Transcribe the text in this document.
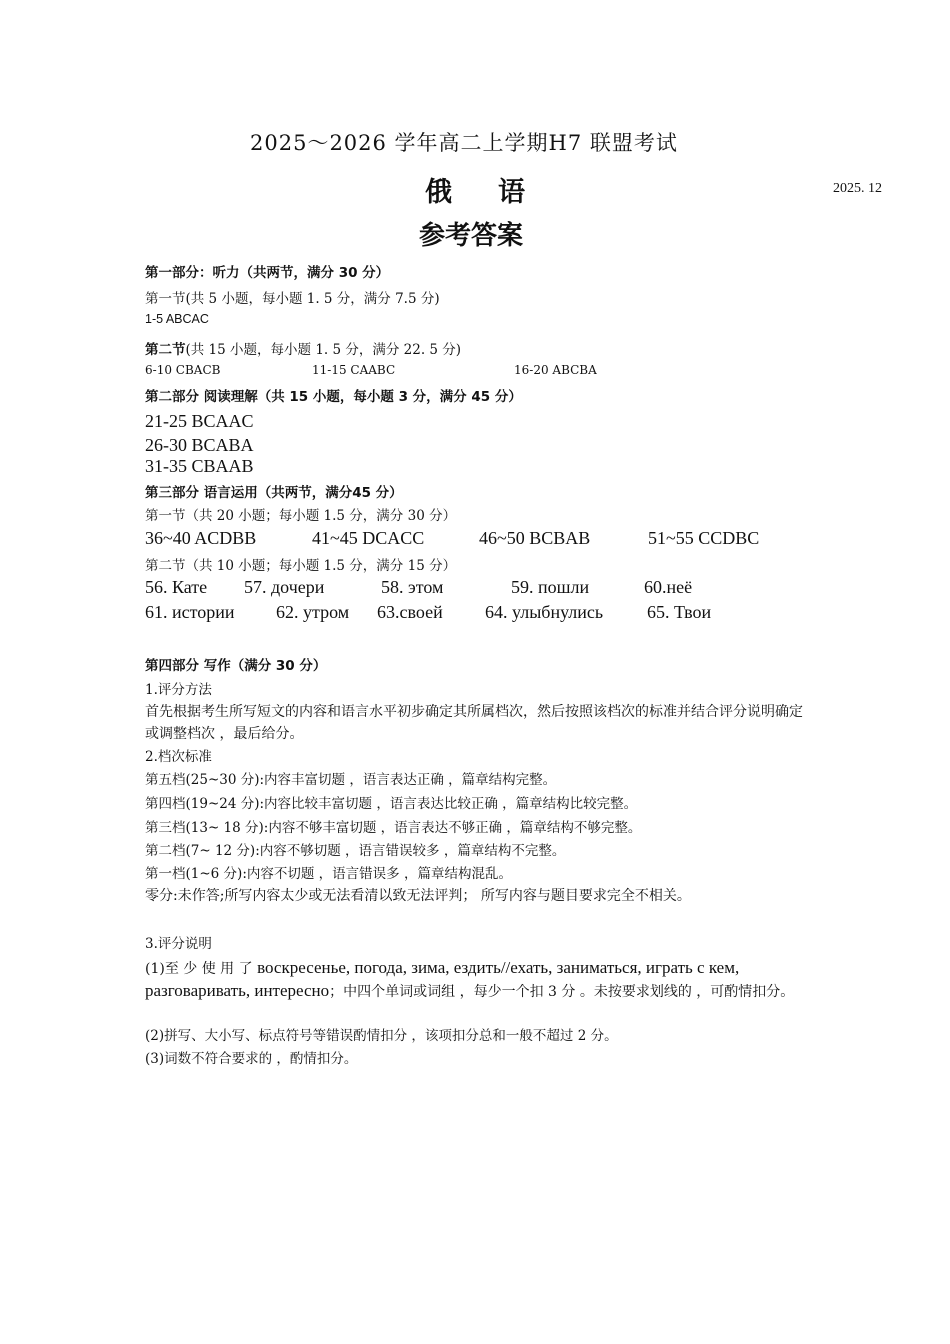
2025～2026 学年高二上学期H7 联盟考试
俄 语	2025. 12
参考答案
第一部分：听力（共两节，满分 30 分）
第一节(共 5 小题，每小题 1. 5 分，满分 7.5 分)
1-5 ABCAC
第二节(共 15 小题，每小题 1. 5 分，满分 22. 5 分)
6-10 CBACB	11-15 CAABC	16-20 ABCBA
第二部分 阅读理解（共 15 小题，每小题 3 分，满分 45 分）
21-25 BCAAC
26-30 BCABA
31-35 CBAAB
第三部分 语言运用（共两节，满分45 分）
第一节（共 20 小题；每小题 1.5 分，满分 30 分）
36~40 ACDBB	41~45 DCACC	46~50 BCBAB	51~55 CCDBC
第二节（共 10 小题；每小题 1.5 分，满分 15 分）
56. Кате 57. дочери	58. этом	59. пошли	60.неё
61. истории 62. утром 63.своей 64. улыбнулись 65. Твои
第四部分 写作（满分 30 分）
1.评分方法
首先根据考生所写短文的内容和语言水平初步确定其所属档次，然后按照该档次的标准并结合评分说明确定或调整档次 ，最后给分。
2.档次标准
第五档(25~30 分):内容丰富切题 ，语言表达正确 ，篇章结构完整。
第四档(19~24 分):内容比较丰富切题 ，语言表达比较正确 ，篇章结构比较完整。
第三档(13~ 18 分):内容不够丰富切题 ，语言表达不够正确 ，篇章结构不够完整。
第二档(7~ 12 分):内容不够切题 ，语言错误较多 ，篇章结构不完整。
第一档(1~6 分):内容不切题 ，语言错误多 ，篇章结构混乱。
零分:未作答;所写内容太少或无法看清以致无法评判； 所写内容与题目要求完全不相关。
3.评分说明
(1)至 少 使 用 了 воскресенье, погода, зима, ездить//ехать, заниматься, играть с кем, разговаривать, интересно；中四个单词或词组 ，每少一个扣 3 分 。未按要求划线的 ，可酌情扣分。
(2)拼写、大小写、标点符号等错误酌情扣分 ，该项扣分总和一般不超过 2 分。
(3)词数不符合要求的 ，酌情扣分。
